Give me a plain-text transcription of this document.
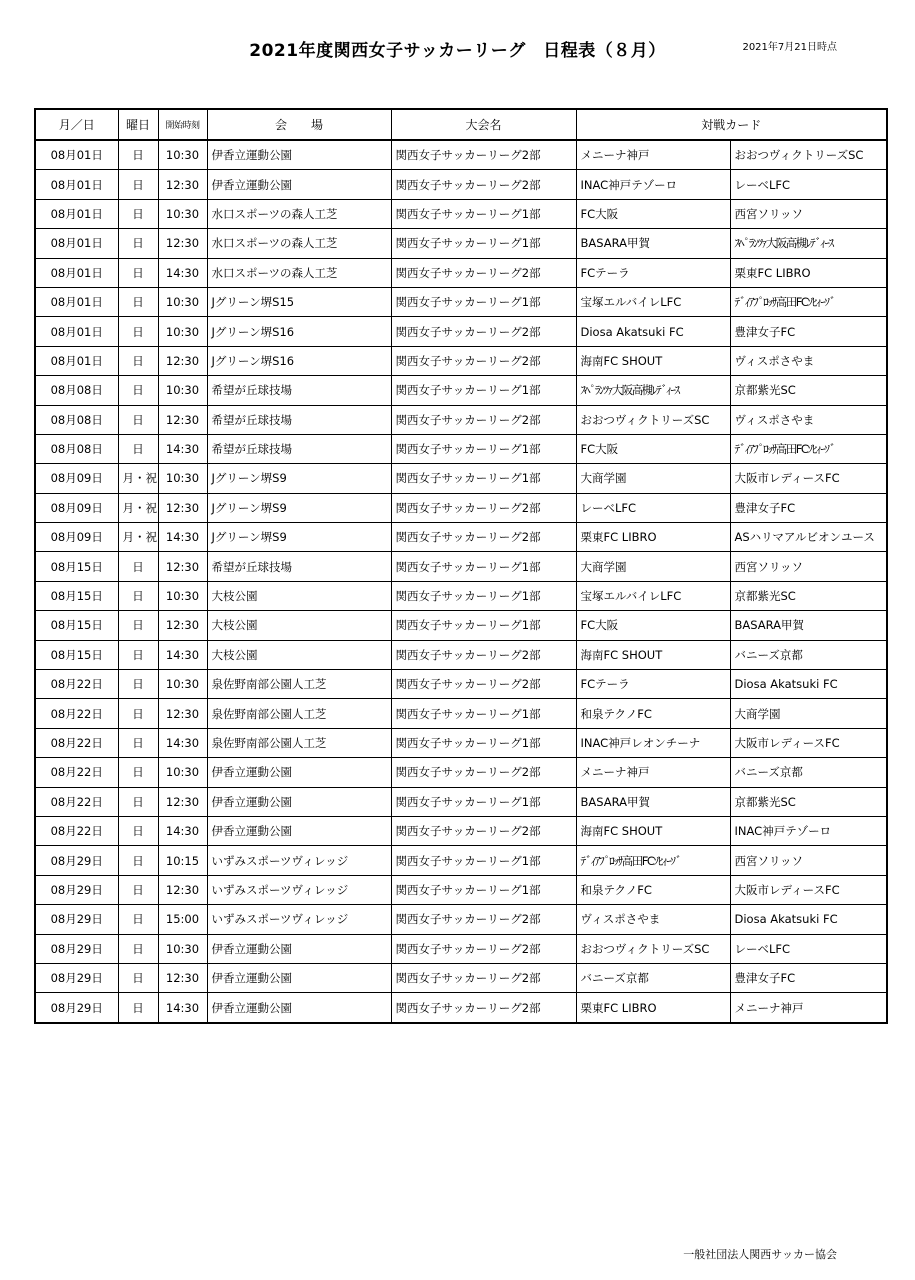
2021年度関西女子サッカーリーグ　日程表（８月）	2021年7月21日時点
月／日	曜日	開始時刻	会　　場	大会名	対戦カード	
08月01日	日	10:30	伊香立運動公園	関西女子サッカーリーグ2部	メニーナ神戸	おおつヴィクトリーズSC
08月01日	日	12:30	伊香立運動公園	関西女子サッカーリーグ2部	INAC神戸テゾーロ	レーベLFC
08月01日	日	10:30	水口スポーツの森人工芝	関西女子サッカーリーグ1部	FC大阪	西宮ソリッソ
08月01日	日	12:30	水口スポーツの森人工芝	関西女子サッカーリーグ1部	BASARA甲賀	ｽﾍﾟﾗﾝﾂｧ大阪高槻ﾚﾃﾞｨｰｽ
08月01日	日	14:30	水口スポーツの森人工芝	関西女子サッカーリーグ2部	FCテーラ	栗東FC LIBRO
08月01日	日	10:30	Jグリーン堺S15	関西女子サッカーリーグ1部	宝塚エルバイレLFC	ﾃﾞｨｱﾌﾟﾛｯｻ高田FCｿﾋｨｰｿﾞ
08月01日	日	10:30	Jグリーン堺S16	関西女子サッカーリーグ2部	Diosa Akatsuki FC	豊津女子FC
08月01日	日	12:30	Jグリーン堺S16	関西女子サッカーリーグ2部	海南FC SHOUT	ヴィスポさやま
08月08日	日	10:30	希望が丘球技場	関西女子サッカーリーグ1部	ｽﾍﾟﾗﾝﾂｧ大阪高槻ﾚﾃﾞｨｰｽ	京都紫光SC
08月08日	日	12:30	希望が丘球技場	関西女子サッカーリーグ2部	おおつヴィクトリーズSC	ヴィスポさやま
08月08日	日	14:30	希望が丘球技場	関西女子サッカーリーグ1部	FC大阪	ﾃﾞｨｱﾌﾟﾛｯｻ高田FCｿﾋｨｰｿﾞ
08月09日	月・祝	10:30	Jグリーン堺S9	関西女子サッカーリーグ1部	大商学園	大阪市レディースFC
08月09日	月・祝	12:30	Jグリーン堺S9	関西女子サッカーリーグ2部	レーベLFC	豊津女子FC
08月09日	月・祝	14:30	Jグリーン堺S9	関西女子サッカーリーグ2部	栗東FC LIBRO	ASハリマアルビオンユース
08月15日	日	12:30	希望が丘球技場	関西女子サッカーリーグ1部	大商学園	西宮ソリッソ
08月15日	日	10:30	大枝公園	関西女子サッカーリーグ1部	宝塚エルバイレLFC	京都紫光SC
08月15日	日	12:30	大枝公園	関西女子サッカーリーグ1部	FC大阪	BASARA甲賀
08月15日	日	14:30	大枝公園	関西女子サッカーリーグ2部	海南FC SHOUT	バニーズ京都
08月22日	日	10:30	泉佐野南部公園人工芝	関西女子サッカーリーグ2部	FCテーラ	Diosa Akatsuki FC
08月22日	日	12:30	泉佐野南部公園人工芝	関西女子サッカーリーグ1部	和泉テクノFC	大商学園
08月22日	日	14:30	泉佐野南部公園人工芝	関西女子サッカーリーグ1部	INAC神戸レオンチーナ	大阪市レディースFC
08月22日	日	10:30	伊香立運動公園	関西女子サッカーリーグ2部	メニーナ神戸	バニーズ京都
08月22日	日	12:30	伊香立運動公園	関西女子サッカーリーグ1部	BASARA甲賀	京都紫光SC
08月22日	日	14:30	伊香立運動公園	関西女子サッカーリーグ2部	海南FC SHOUT	INAC神戸テゾーロ
08月29日	日	10:15	いずみスポーツヴィレッジ	関西女子サッカーリーグ1部	ﾃﾞｨｱﾌﾟﾛｯｻ高田FCｿﾋｨｰｿﾞ	西宮ソリッソ
08月29日	日	12:30	いずみスポーツヴィレッジ	関西女子サッカーリーグ1部	和泉テクノFC	大阪市レディースFC
08月29日	日	15:00	いずみスポーツヴィレッジ	関西女子サッカーリーグ2部	ヴィスポさやま	Diosa Akatsuki FC
08月29日	日	10:30	伊香立運動公園	関西女子サッカーリーグ2部	おおつヴィクトリーズSC	レーベLFC
08月29日	日	12:30	伊香立運動公園	関西女子サッカーリーグ2部	バニーズ京都	豊津女子FC
08月29日	日	14:30	伊香立運動公園	関西女子サッカーリーグ2部	栗東FC LIBRO	メニーナ神戸
一般社団法人関西サッカー協会
